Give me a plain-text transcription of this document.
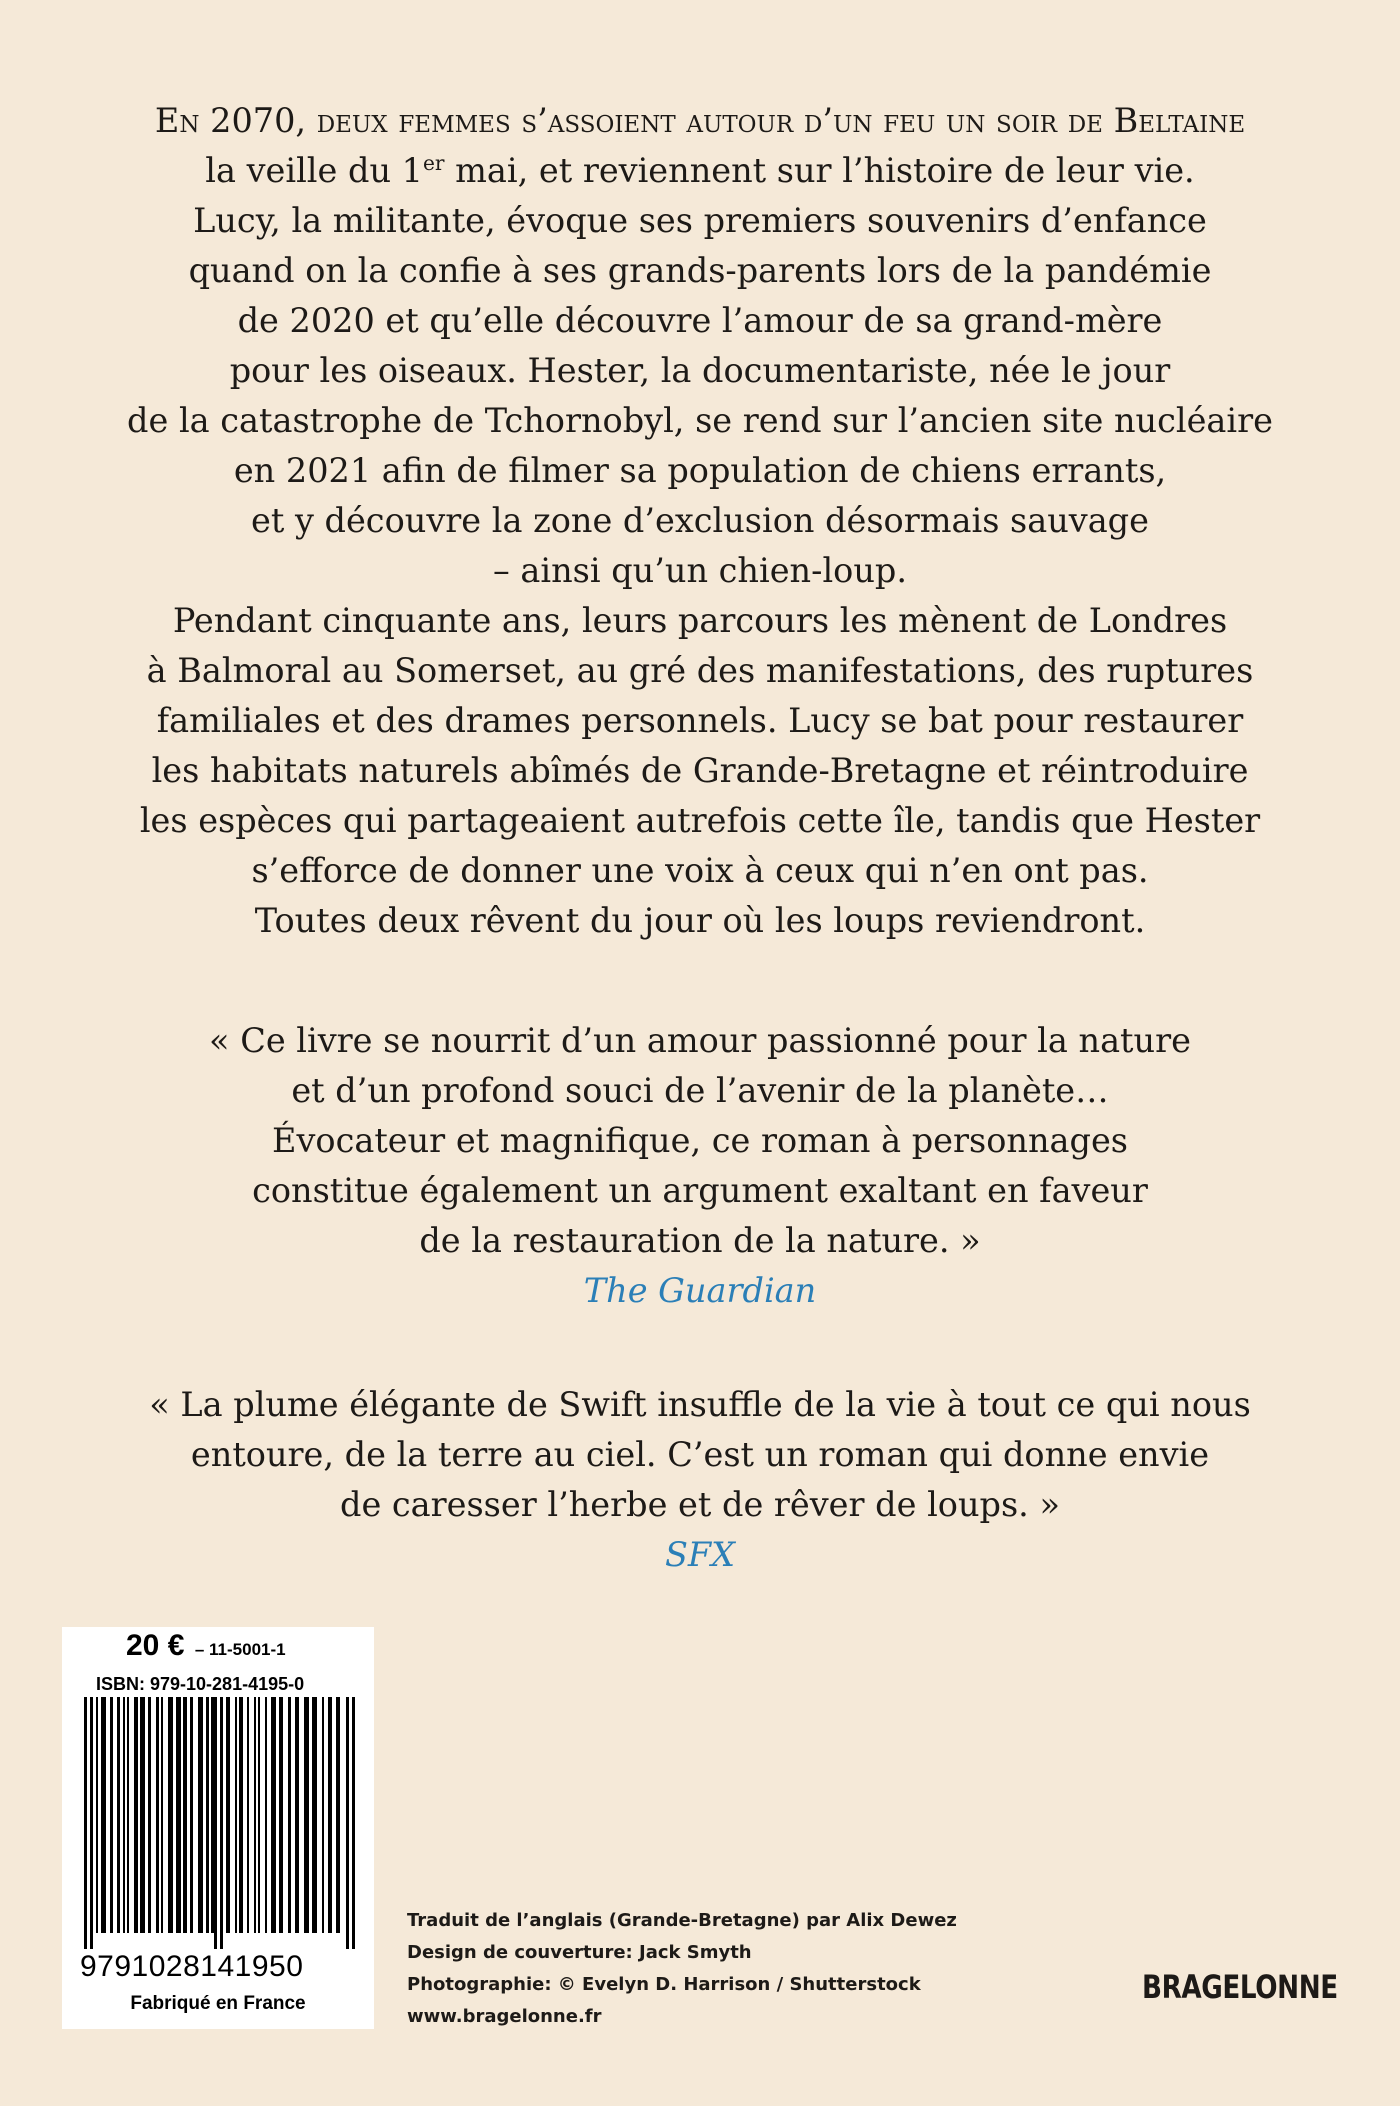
En 2070, deux femmes s’assoient autour d’un feu un soir de Beltaine
la veille du 1er mai, et reviennent sur l’histoire de leur vie.
Lucy, la militante, évoque ses premiers souvenirs d’enfance
quand on la confie à ses grands-parents lors de la pandémie
de 2020 et qu’elle découvre l’amour de sa grand-mère
pour les oiseaux. Hester, la documentariste, née le jour
de la catastrophe de Tchornobyl, se rend sur l’ancien site nucléaire
en 2021 afin de filmer sa population de chiens errants,
et y découvre la zone d’exclusion désormais sauvage
– ainsi qu’un chien-loup.
Pendant cinquante ans, leurs parcours les mènent de Londres
à Balmoral au Somerset, au gré des manifestations, des ruptures
familiales et des drames personnels. Lucy se bat pour restaurer
les habitats naturels abîmés de Grande-Bretagne et réintroduire
les espèces qui partageaient autrefois cette île, tandis que Hester
s’efforce de donner une voix à ceux qui n’en ont pas.
Toutes deux rêvent du jour où les loups reviendront.
« Ce livre se nourrit d’un amour passionné pour la nature
et d’un profond souci de l’avenir de la planète…
Évocateur et magnifique, ce roman à personnages
constitue également un argument exaltant en faveur
de la restauration de la nature. »
The Guardian
« La plume élégante de Swift insuffle de la vie à tout ce qui nous
entoure, de la terre au ciel. C’est un roman qui donne envie
de caresser l’herbe et de rêver de loups. »
SFX
20 € – 11-5001-1
ISBN: 979-10-281-4195-0
9791028141950
Fabriqué en France
Traduit de l’anglais (Grande-Bretagne) par Alix Dewez
Design de couverture: Jack Smyth
Photographie: © Evelyn D. Harrison / Shutterstock
www.bragelonne.fr
BRAGELONNE
